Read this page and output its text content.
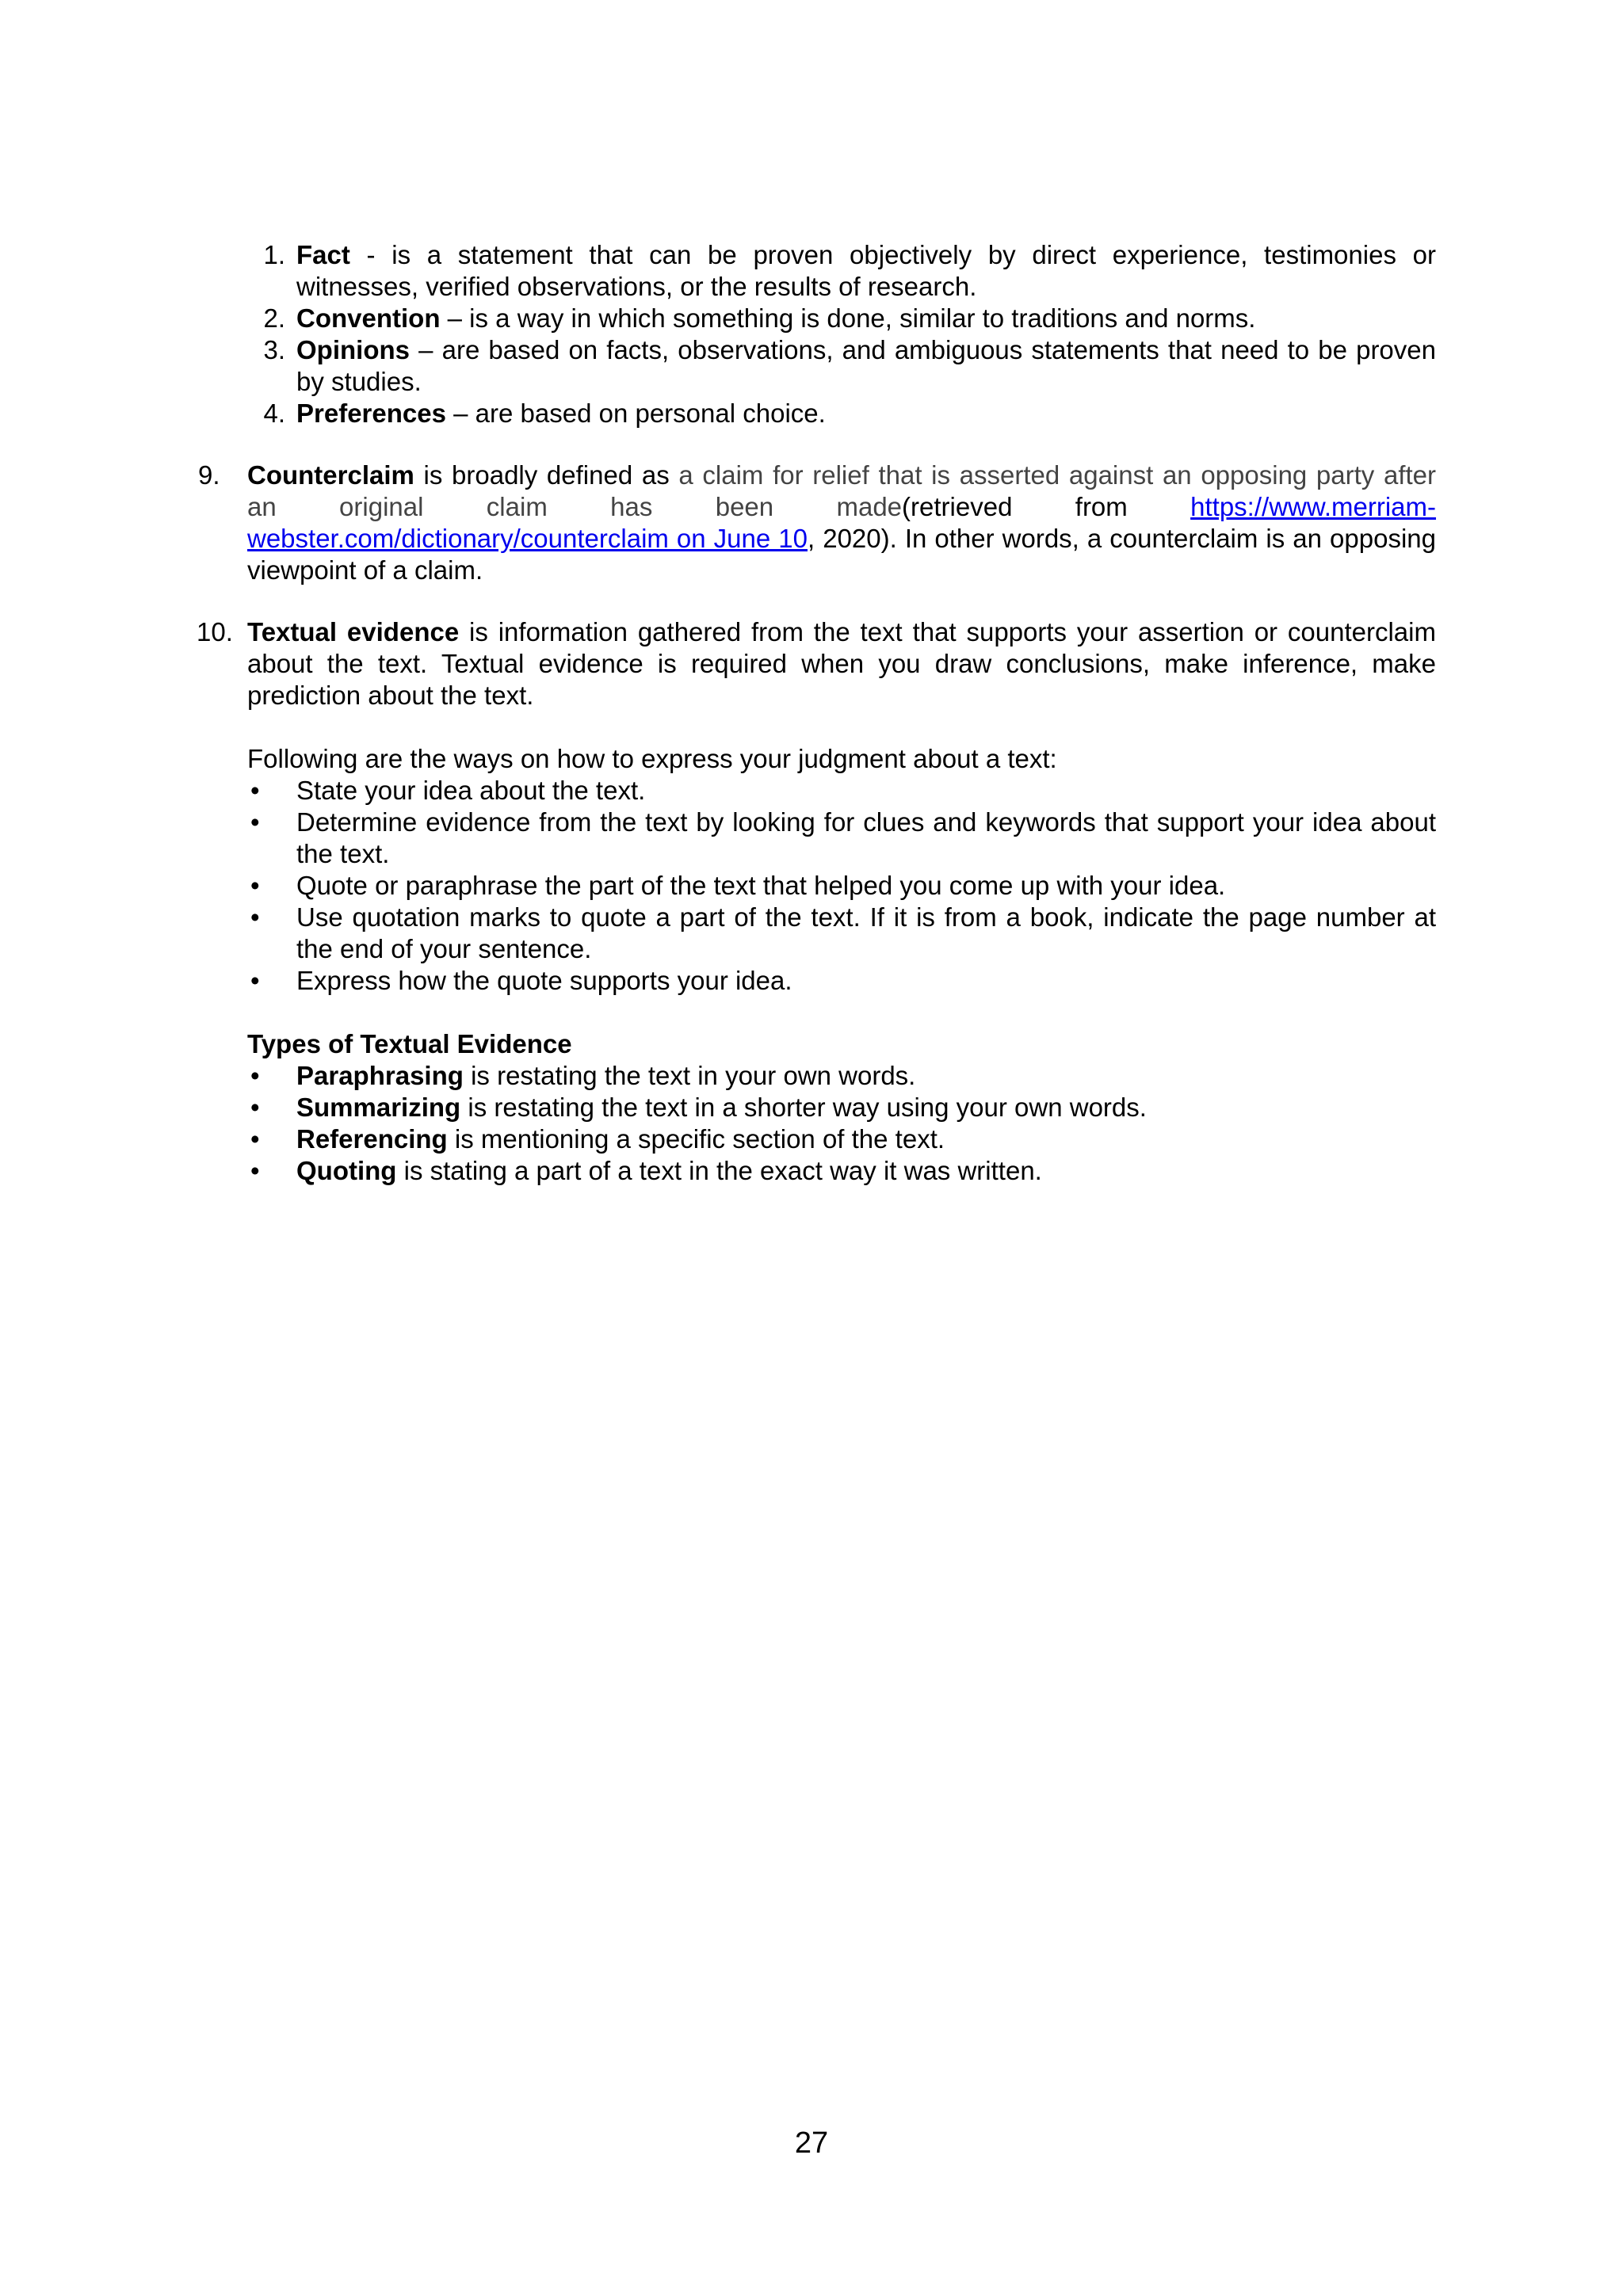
1. Fact - is a statement that can be proven objectively by direct experience, testimonies or witnesses, verified observations, or the results of research.
2. Convention – is a way in which something is done, similar to traditions and norms.
3. Opinions – are based on facts, observations, and ambiguous statements that need to be proven by studies.
4. Preferences – are based on personal choice.
9. Counterclaim is broadly defined as a claim for relief that is asserted against an opposing party after an original claim has been made(retrieved from https://www.merriam-webster.com/dictionary/counterclaim on June 10, 2020). In other words, a counterclaim is an opposing viewpoint of a claim.
10. Textual evidence is information gathered from the text that supports your assertion or counterclaim about the text. Textual evidence is required when you draw conclusions, make inference, make prediction about the text.
Following are the ways on how to express your judgment about a text:
• State your idea about the text.
• Determine evidence from the text by looking for clues and keywords that support your idea about the text.
• Quote or paraphrase the part of the text that helped you come up with your idea.
• Use quotation marks to quote a part of the text. If it is from a book, indicate the page number at the end of your sentence.
• Express how the quote supports your idea.
Types of Textual Evidence
• Paraphrasing is restating the text in your own words.
• Summarizing is restating the text in a shorter way using your own words.
• Referencing is mentioning a specific section of the text.
• Quoting is stating a part of a text in the exact way it was written.
27
